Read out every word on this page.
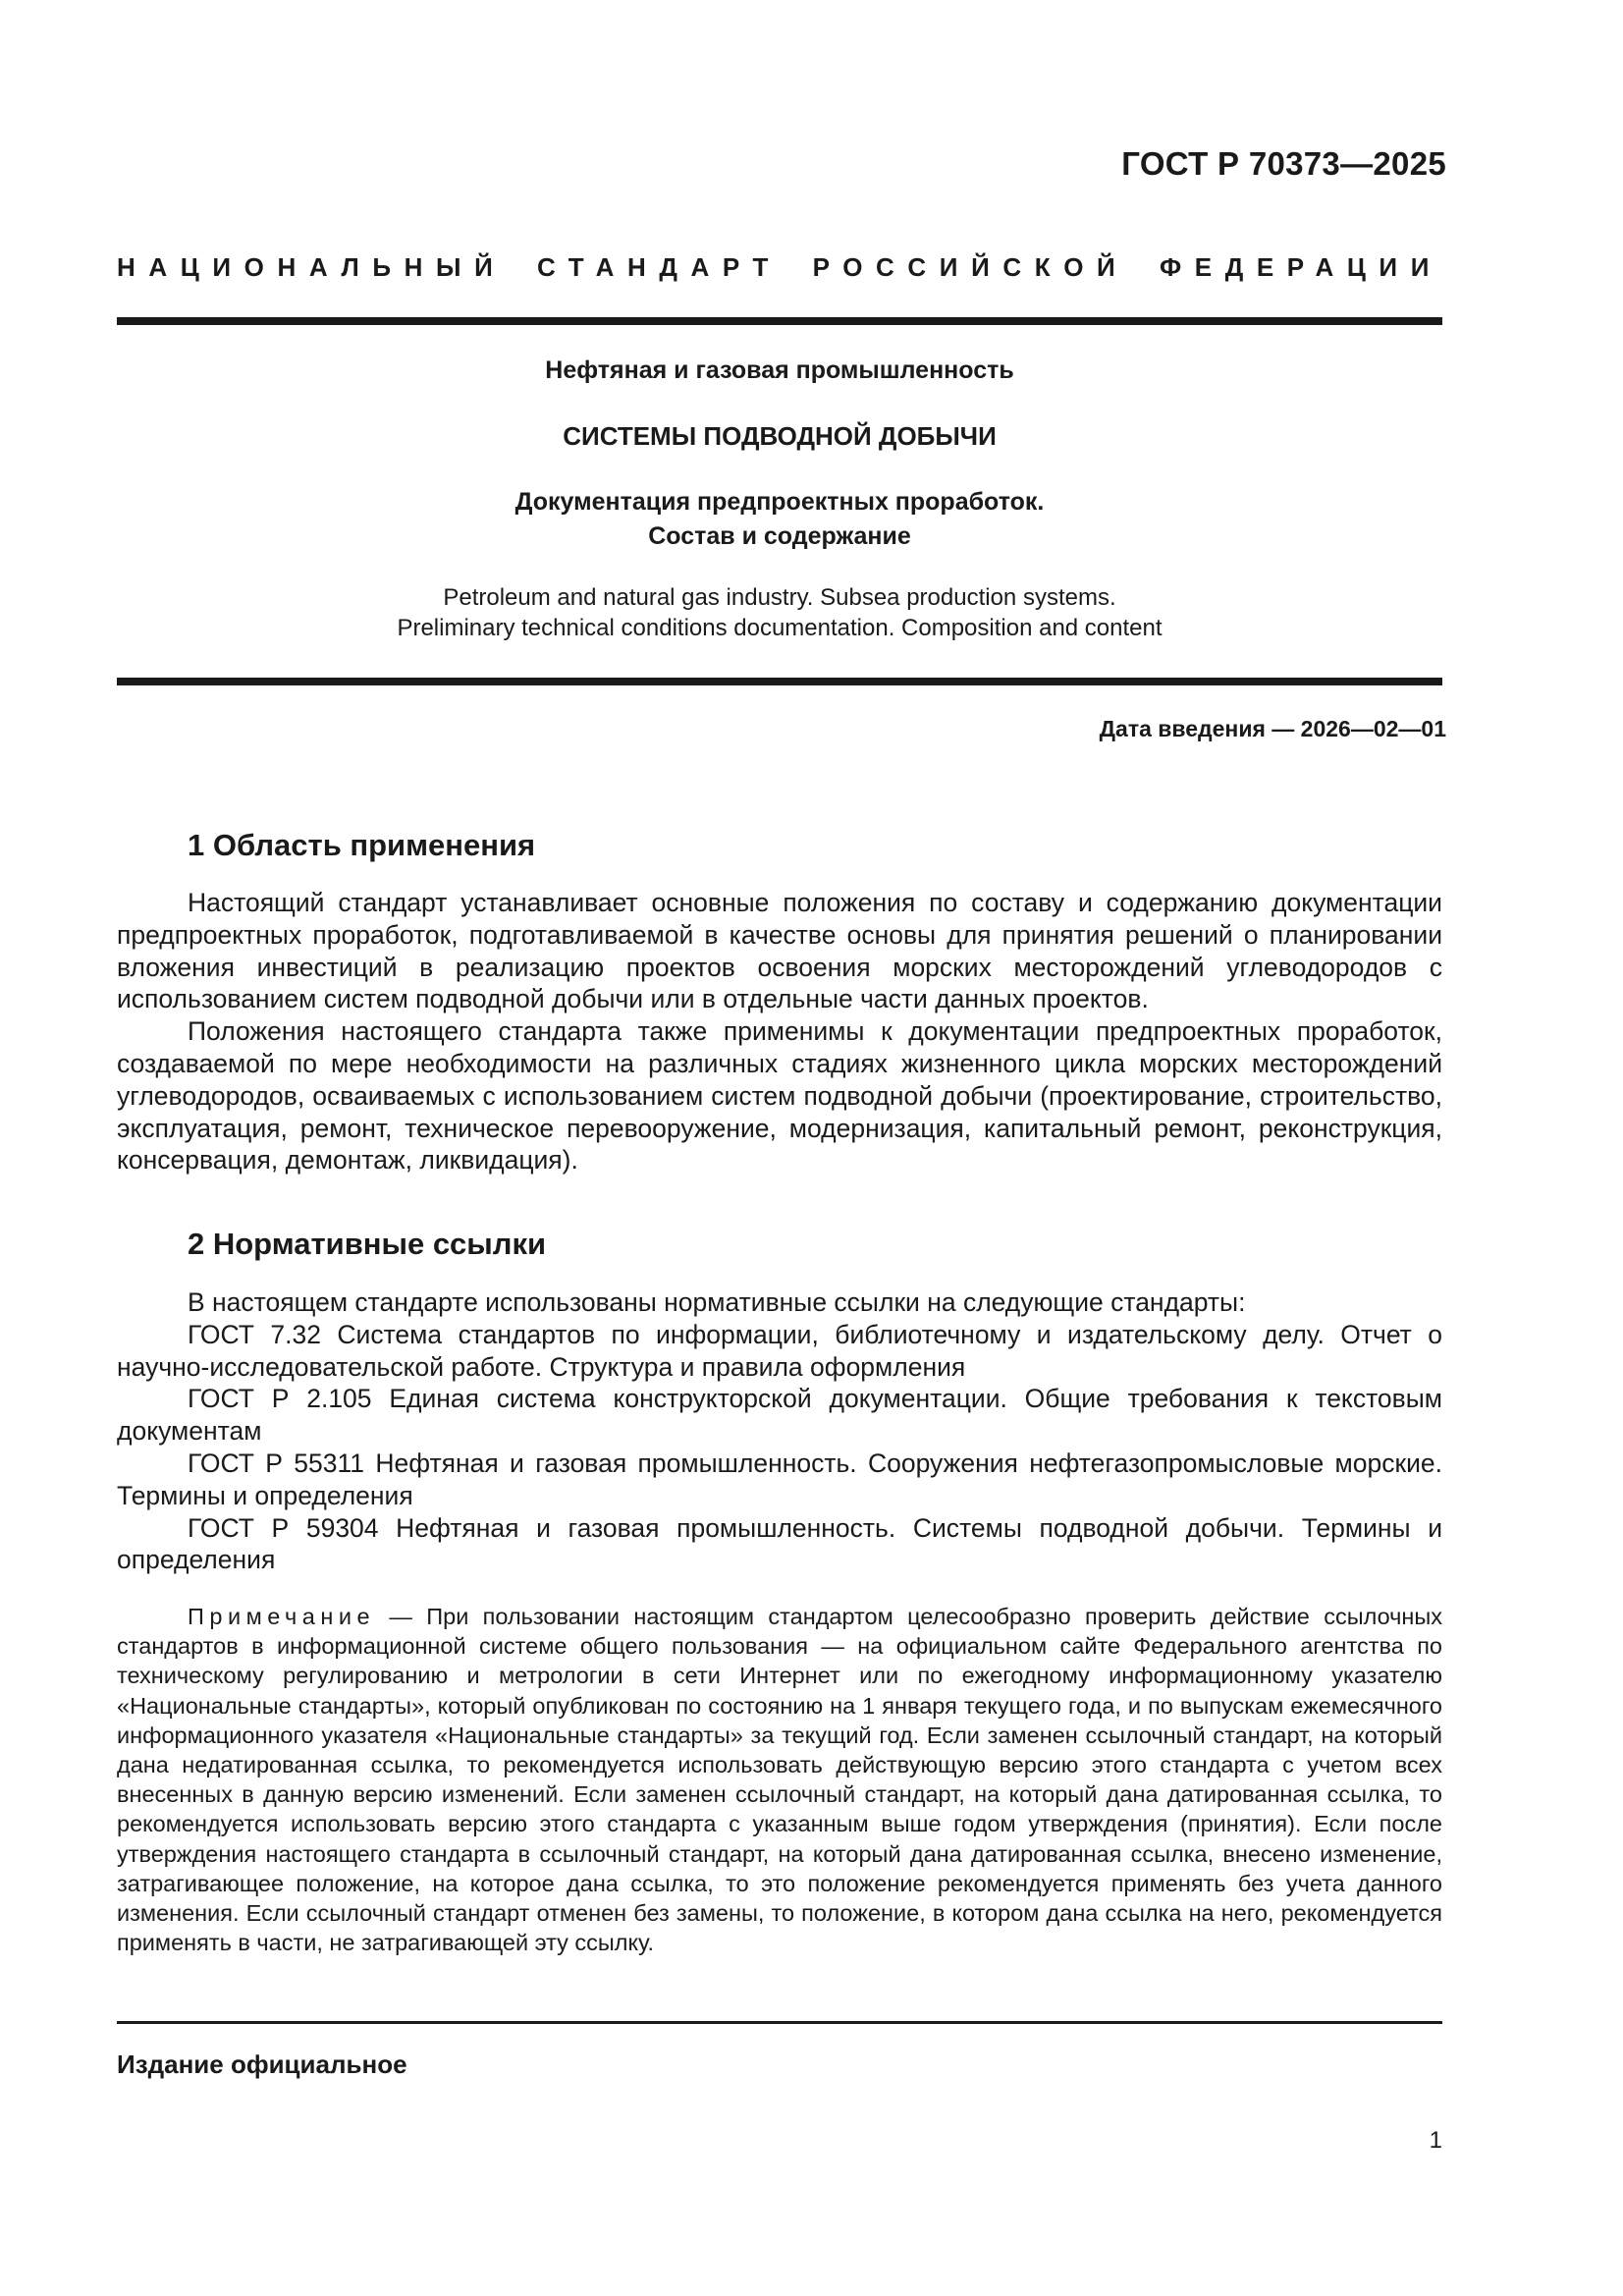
ГОСТ Р 70373—2025
НАЦИОНАЛЬНЫЙ СТАНДАРТ РОССИЙСКОЙ ФЕДЕРАЦИИ
Нефтяная и газовая промышленность
СИСТЕМЫ ПОДВОДНОЙ ДОБЫЧИ
Документация предпроектных проработок.
Состав и содержание
Petroleum and natural gas industry. Subsea production systems.
Preliminary technical conditions documentation. Composition and content
Дата введения — 2026—02—01
1 Область применения

Настоящий стандарт устанавливает основные положения по составу и содержанию документации предпроектных проработок, подготавливаемой в качестве основы для принятия решений о планировании вложения инвестиций в реализацию проектов освоения морских месторождений углеводородов с использованием систем подводной добычи или в отдельные части данных проектов.

Положения настоящего стандарта также применимы к документации предпроектных проработок, создаваемой по мере необходимости на различных стадиях жизненного цикла морских месторождений углеводородов, осваиваемых с использованием систем подводной добычи (проектирование, строительство, эксплуатация, ремонт, техническое перевооружение, модернизация, капитальный ремонт, реконструкция, консервация, демонтаж, ликвидация).

2 Нормативные ссылки

В настоящем стандарте использованы нормативные ссылки на следующие стандарты:

ГОСТ 7.32 Система стандартов по информации, библиотечному и издательскому делу. Отчет о научно-исследовательской работе. Структура и правила оформления

ГОСТ Р 2.105 Единая система конструкторской документации. Общие требования к текстовым документам

ГОСТ Р 55311 Нефтяная и газовая промышленность. Сооружения нефтегазопромысловые морские. Термины и определения

ГОСТ Р 59304 Нефтяная и газовая промышленность. Системы подводной добычи. Термины и определения

Примечание — При пользовании настоящим стандартом целесообразно проверить действие ссылочных стандартов в информационной системе общего пользования — на официальном сайте Федерального агентства по техническому регулированию и метрологии в сети Интернет или по ежегодному информационному указателю «Национальные стандарты», который опубликован по состоянию на 1 января текущего года, и по выпускам ежемесячного информационного указателя «Национальные стандарты» за текущий год. Если заменен ссылочный стандарт, на который дана недатированная ссылка, то рекомендуется использовать действующую версию этого стандарта с учетом всех внесенных в данную версию изменений. Если заменен ссылочный стандарт, на который дана датированная ссылка, то рекомендуется использовать версию этого стандарта с указанным выше годом утверждения (принятия). Если после утверждения настоящего стандарта в ссылочный стандарт, на который дана датированная ссылка, внесено изменение, затрагивающее положение, на которое дана ссылка, то это положение рекомендуется применять без учета данного изменения. Если ссылочный стандарт отменен без замены, то положение, в котором дана ссылка на него, рекомендуется применять в части, не затрагивающей эту ссылку.
Издание официальное
1
